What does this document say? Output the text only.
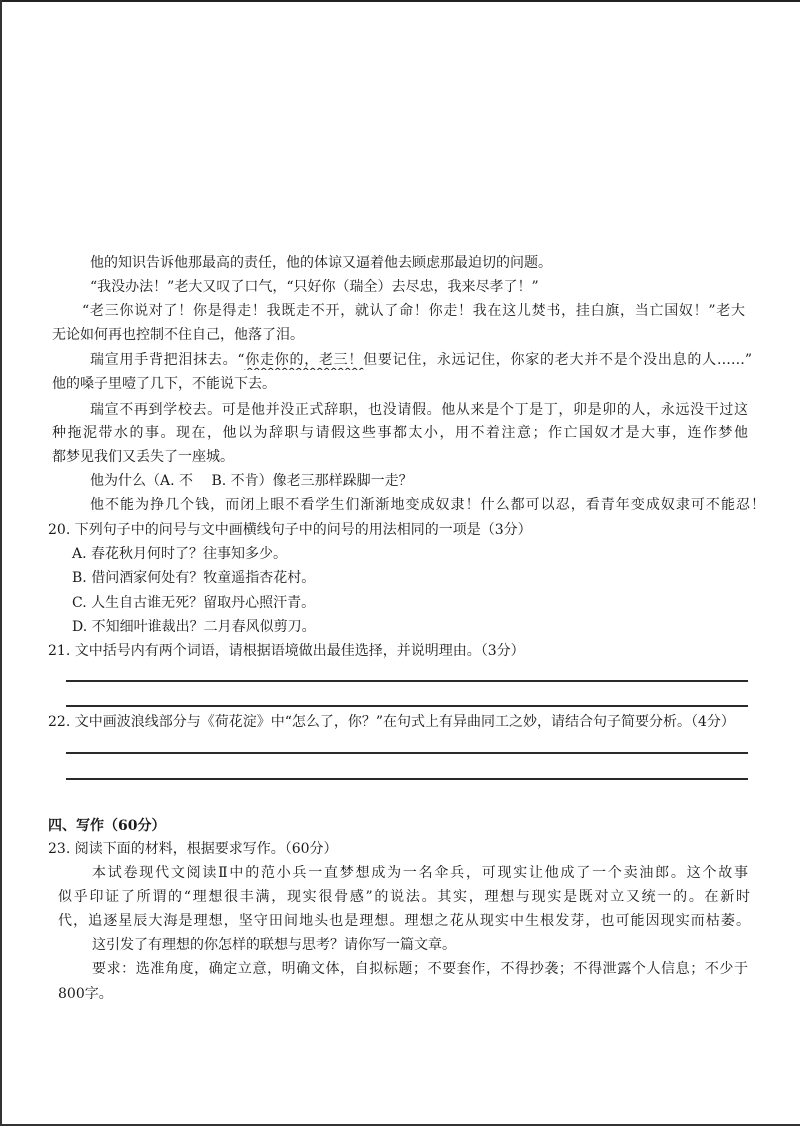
他的知识告诉他那最高的责任，他的体谅又逼着他去顾虑那最迫切的问题。
“我没办法！”老大又叹了口气，“只好你（瑞全）去尽忠，我来尽孝了！”
“老三你说对了！你是得走！我既走不开，就认了命！你走！我在这儿焚书，挂白旗，当亡国奴！”老大
无论如何再也控制不住自己，他落了泪。
瑞宣用手背把泪抹去。“你走你的，老三！但要记住，永远记住，你家的老大并不是个没出息的人……”
他的嗓子里噎了几下，不能说下去。
瑞宣不再到学校去。可是他并没正式辞职，也没请假。他从来是个丁是丁，卯是卯的人，永远没干过这
种拖泥带水的事。现在，他以为辞职与请假这些事都太小，用不着注意；作亡国奴才是大事，连作梦他
都梦见我们又丢失了一座城。
他为什么（A. 不　 B. 不肯）像老三那样跺脚一走？
他不能为挣几个钱，而闭上眼不看学生们渐渐地变成奴隶！什么都可以忍，看青年变成奴隶可不能忍！
20. 下列句子中的问号与文中画横线句子中的问号的用法相同的一项是（3分）
A. 春花秋月何时了？往事知多少。
B. 借问酒家何处有？牧童遥指杏花村。
C. 人生自古谁无死？留取丹心照汗青。
D. 不知细叶谁裁出？二月春风似剪刀。
21. 文中括号内有两个词语，请根据语境做出最佳选择，并说明理由。（3分）
22. 文中画波浪线部分与《荷花淀》中“怎么了，你？”在句式上有异曲同工之妙，请结合句子简要分析。（4分）
四、写作（60分）
23. 阅读下面的材料，根据要求写作。（60分）
本试卷现代文阅读Ⅱ中的范小兵一直梦想成为一名伞兵，可现实让他成了一个卖油郎。这个故事
似乎印证了所谓的“理想很丰满，现实很骨感”的说法。其实，理想与现实是既对立又统一的。在新时
代，追逐星辰大海是理想，坚守田间地头也是理想。理想之花从现实中生根发芽，也可能因现实而枯萎。
这引发了有理想的你怎样的联想与思考？请你写一篇文章。
要求：选准角度，确定立意，明确文体，自拟标题；不要套作，不得抄袭；不得泄露个人信息；不少于
800字。
